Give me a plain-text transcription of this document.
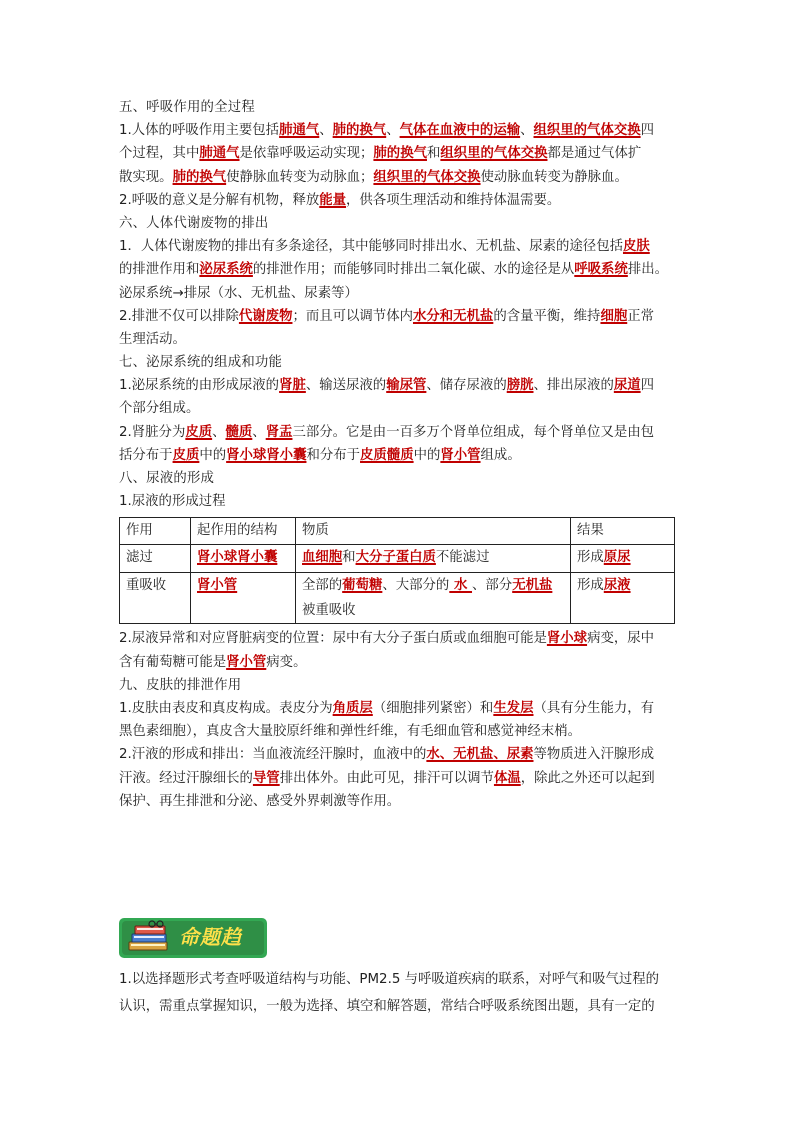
五、呼吸作用的全过程
1.人体的呼吸作用主要包括肺通气、肺的换气、气体在血液中的运输、组织里的气体交换四
个过程，其中肺通气是依靠呼吸运动实现；肺的换气和组织里的气体交换都是通过气体扩
散实现。肺的换气使静脉血转变为动脉血；组织里的气体交换使动脉血转变为静脉血。
2.呼吸的意义是分解有机物，释放能量，供各项生理活动和维持体温需要。
六、人体代谢废物的排出
1．人体代谢废物的排出有多条途径，其中能够同时排出水、无机盐、尿素的途径包括皮肤
的排泄作用和泌尿系统的排泄作用；而能够同时排出二氧化碳、水的途径是从呼吸系统排出。
泌尿系统→排尿（水、无机盐、尿素等）
2.排泄不仅可以排除代谢废物；而且可以调节体内水分和无机盐的含量平衡，维持细胞正常
生理活动。
七、泌尿系统的组成和功能
1.泌尿系统的由形成尿液的肾脏、输送尿液的输尿管、储存尿液的膀胱、排出尿液的尿道四
个部分组成。
2.肾脏分为皮质、髓质、肾盂三部分。它是由一百多万个肾单位组成，每个肾单位又是由包
括分布于皮质中的肾小球肾小囊和分布于皮质髓质中的肾小管组成。
八、尿液的形成
1.尿液的形成过程
作用	起作用的结构	物质	结果
滤过	肾小球肾小囊	血细胞和大分子蛋白质不能滤过	形成原尿
重吸收	肾小管	全部的葡萄糖、大部分的 水 、部分无机盐
被重吸收	形成尿液
2.尿液异常和对应肾脏病变的位置：尿中有大分子蛋白质或血细胞可能是肾小球病变，尿中
含有葡萄糖可能是肾小管病变。
九、皮肤的排泄作用
1.皮肤由表皮和真皮构成。表皮分为角质层（细胞排列紧密）和生发层（具有分生能力，有
黑色素细胞），真皮含大量胶原纤维和弹性纤维，有毛细血管和感觉神经末梢。
2.汗液的形成和排出：当血液流经汗腺时，血液中的水、无机盐、尿素等物质进入汗腺形成
汗液。经过汗腺细长的导管排出体外。由此可见，排汗可以调节体温，除此之外还可以起到
保护、再生排泄和分泌、感受外界刺激等作用。
命题趋
1.以选择题形式考查呼吸道结构与功能、PM2.5 与呼吸道疾病的联系，对呼气和吸气过程的
认识，需重点掌握知识，一般为选择、填空和解答题，常结合呼吸系统图出题，具有一定的
